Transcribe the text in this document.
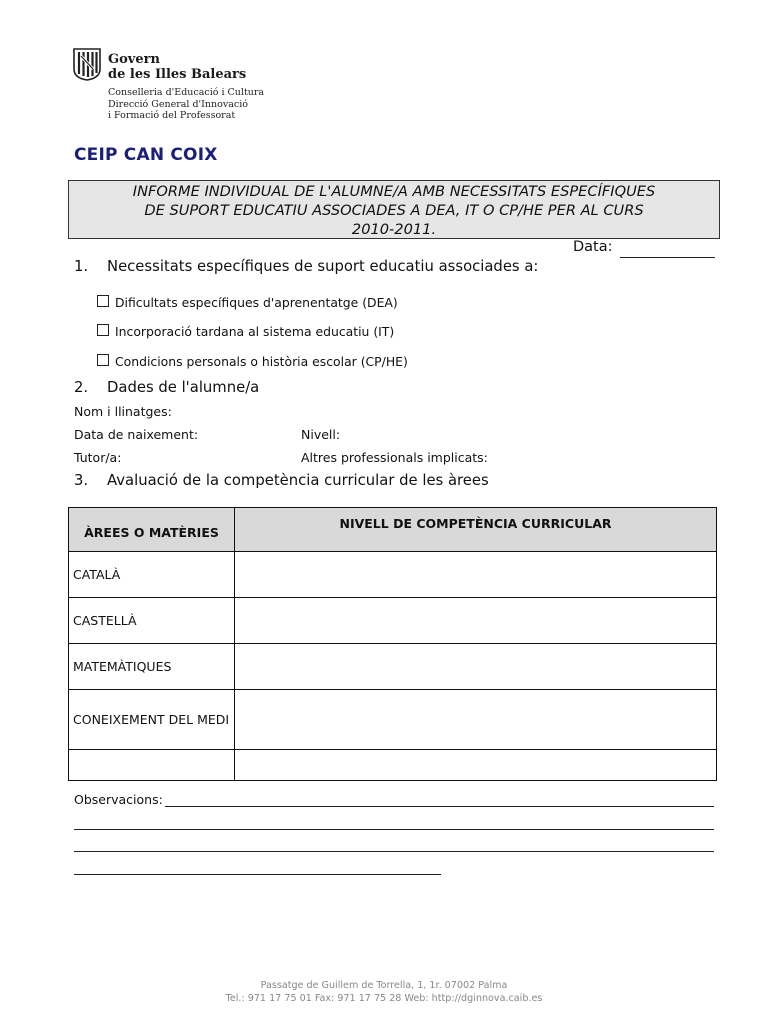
Govern
de les Illes Balears
Conselleria d'Educació i Cultura
Direcció General d'Innovació
i Formació del Professorat
CEIP CAN COIX
INFORME INDIVIDUAL DE L'ALUMNE/A AMB NECESSITATS ESPECÍFIQUES
DE SUPORT EDUCATIU ASSOCIADES A DEA, IT O CP/HE PER AL CURS
2010-2011.
Data:
1. Necessitats específiques de suport educatiu associades a:
Dificultats específiques d'aprenentatge (DEA)
Incorporació tardana al sistema educatiu (IT)
Condicions personals o història escolar (CP/HE)
2. Dades de l'alumne/a
Nom i llinatges:
Data de naixement:	Nivell:
Tutor/a:	Altres professionals implicats:
3. Avaluació de la competència curricular de les àrees
ÀREES O MATÈRIES	NIVELL DE COMPETÈNCIA CURRICULAR
CATALÀ	
CASTELLÀ	
MATEMÀTIQUES	
CONEIXEMENT DEL MEDI	

Observacions:
Passatge de Guillem de Torrella, 1, 1r. 07002 Palma
Tel.: 971 17 75 01 Fax: 971 17 75 28 Web: http://dginnova.caib.es
